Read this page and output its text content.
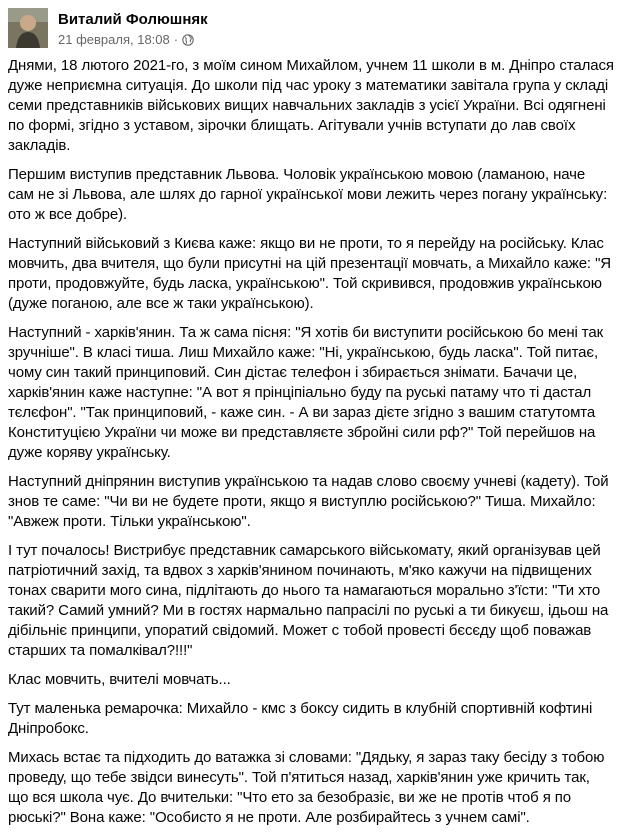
Виталий Фолюшняк
21 февраля, 18:08 ·

Днями, 18 лютого 2021-го, з моїм сином Михайлом, учнем 11 школи в м. Дніпро сталася дуже неприємна ситуація. До школи під час уроку з математики завітала група у складі семи представників військових вищих навчальних закладів з усієї України. Всі одягнені по формі, згідно з уставом, зірочки блищать. Агітували учнів вступати до лав своїх закладів.

Першим виступив представник Львова. Чоловік українською мовою (ламаною, наче сам не зі Львова, але шлях до гарної української мови лежить через погану українську: ото ж все добре).

Наступний військовий з Києва каже: якщо ви не проти, то я перейду на російську. Клас мовчить, два вчителя, що були присутні на цій презентації мовчать, а Михайло каже: "Я проти, продовжуйте, будь ласка, українською". Той скривився, продовжив українською (дуже поганою, але все ж таки українською).

Наступний - харків'янин. Та ж сама пісня: "Я хотів би виступити російською бо мені так зручніше". В класі тиша. Лиш Михайло каже: "Ні, українською, будь ласка". Той питає, чому син такий принциповий. Син дістає телефон і збирається знімати. Бачачи це, харків'янин каже наступне: "А вот я прінціпіально буду па руські патаму что ті дастал тєлєфон". "Так принциповий, - каже син. - А ви зараз дієте згідно з вашим статутомта Конституцією України чи може ви представляєте збройні сили рф?" Той перейшов на дуже коряву українську.

Наступний дніпрянин виступив українською та надав слово своєму учневі (кадету). Той знов те саме: "Чи ви не будете проти, якщо я виступлю російською?" Тиша. Михайло: "Авжеж проти. Тільки українською".

І тут почалось! Вистрибує представник самарського військомату, який організував цей патріотичний захід, та вдвох з харків'янином починають, м'яко кажучи на підвищених тонах сварити мого сина, підлітають до нього та намагаються морально з'їсти: "Ти хто такий? Самий умний? Ми в гостях нармально папрасілі по руські а ти бикуєш, ідьош на дібільніє принципи, упоратий свідомий. Может с тобой провесті бєсєду щоб поважав старших та помалківал?!!!"

Клас мовчить, вчителі мовчать...

Тут маленька ремарочка: Михайло - кмс з боксу сидить в клубній спортивній кофтині Дніпробокс.

Михась встає та підходить до ватажка зі словами: "Дядьку, я зараз таку бесіду з тобою проведу, що тебе звідси винесуть". Той п'ятиться назад, харків'янин уже кричить так, що вся школа чує. До вчительки: "Что ето за безобразіє, ви же не протів чтоб я по рюські?" Вона каже: "Особисто я не проти. Але розбирайтесь з учнем самі".
